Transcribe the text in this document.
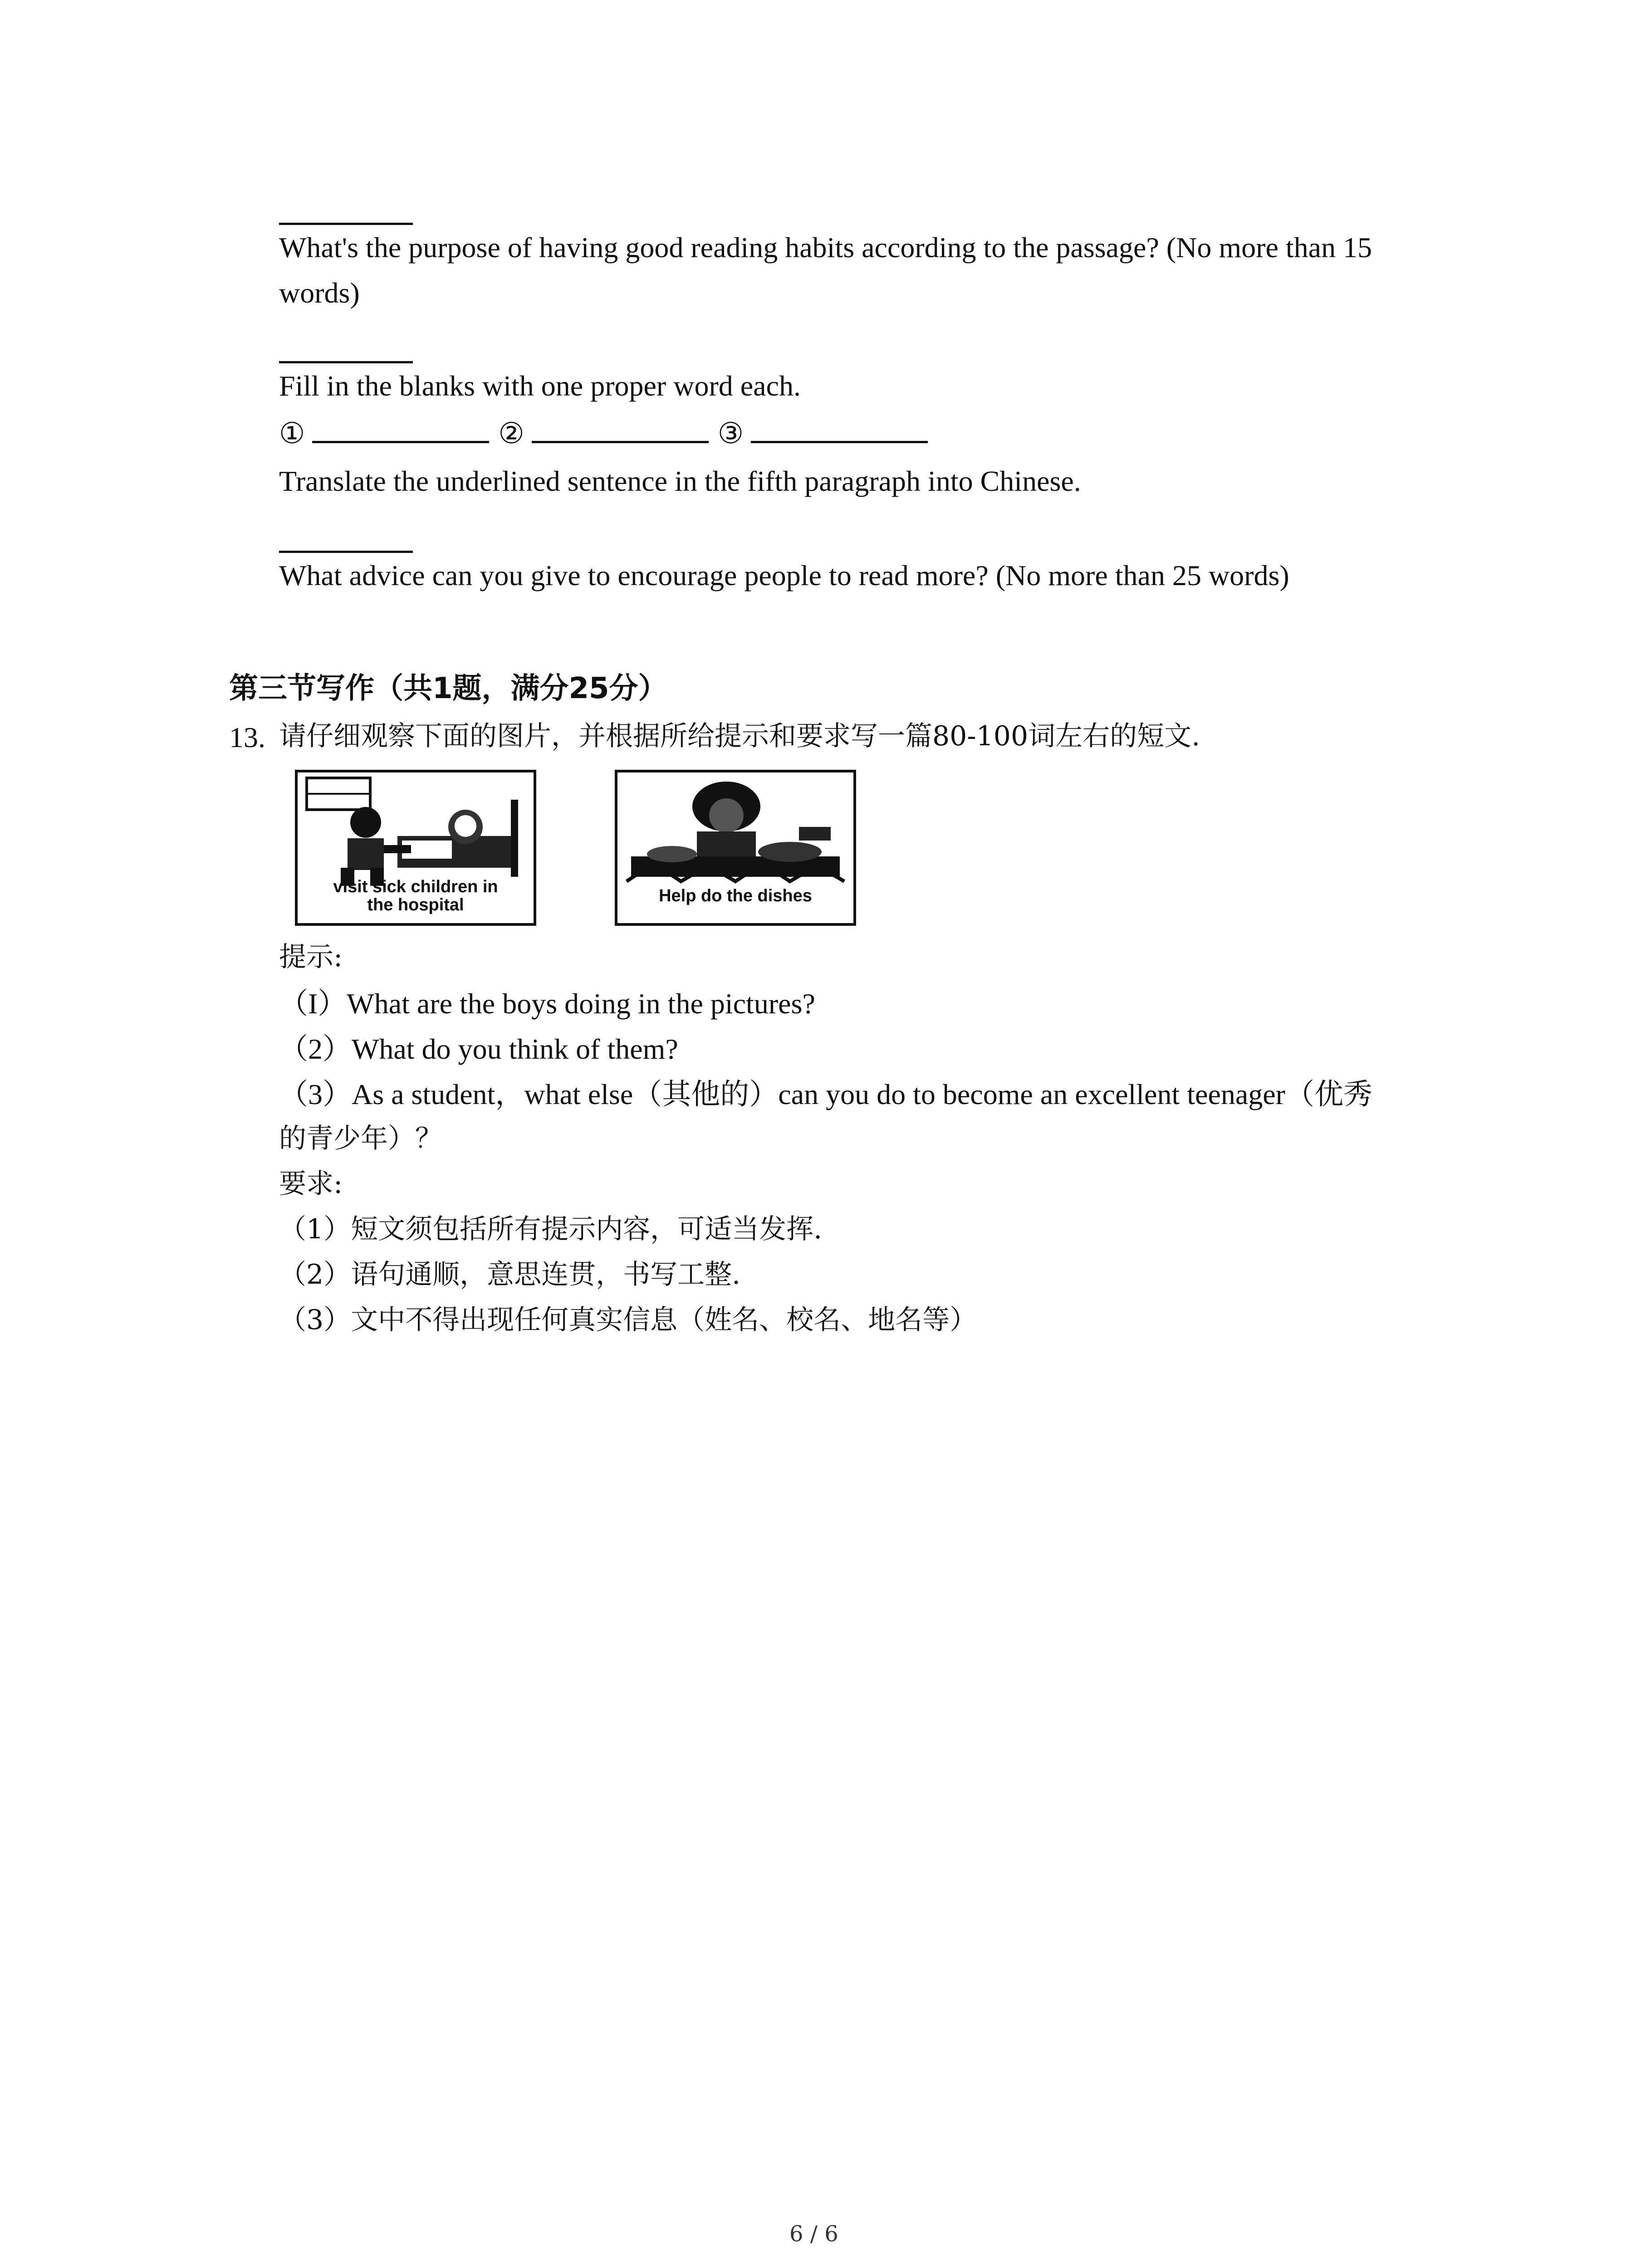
What's the purpose of having good reading habits according to the passage? (No more than 15
words)
Fill in the blanks with one proper word each.
①	②	③
Translate the underlined sentence in the fifth paragraph into Chinese.
What advice can you give to encourage people to read more? (No more than 25 words)
第三节写作（共1题，满分25分）
13. 请仔细观察下面的图片，并根据所给提示和要求写一篇80-100词左右的短文.
visit sick children in the hospital	Help do the dishes
提示:
（I）What are the boys doing in the pictures?
（2）What do you think of them?
（3）As a student，what else（其他的）can you do to become an excellent teenager（优秀
的青少年）？
要求:
（1）短文须包括所有提示内容，可适当发挥.
（2）语句通顺，意思连贯，书写工整.
（3）文中不得出现任何真实信息（姓名、校名、地名等）
6 / 6
